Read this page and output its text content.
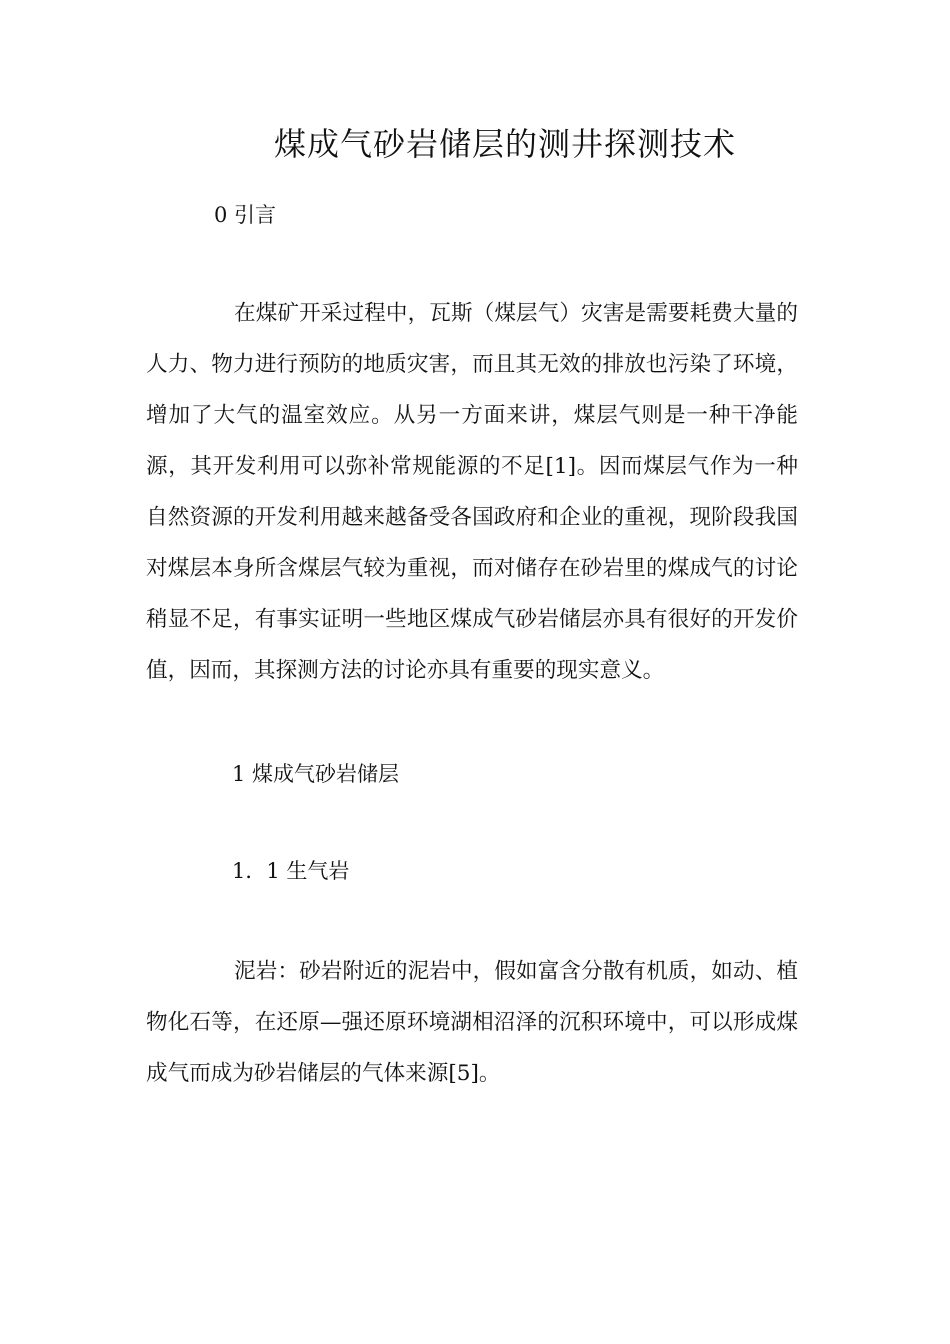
煤成气砂岩储层的测井探测技术
0 引言
在煤矿开采过程中，瓦斯（煤层气）灾害是需要耗费大量的人力、物力进行预防的地质灾害，而且其无效的排放也污染了环境，增加了大气的温室效应。从另一方面来讲，煤层气则是一种干净能源，其开发利用可以弥补常规能源的不足[1]。因而煤层气作为一种自然资源的开发利用越来越备受各国政府和企业的重视，现阶段我国对煤层本身所含煤层气较为重视，而对储存在砂岩里的煤成气的讨论稍显不足，有事实证明一些地区煤成气砂岩储层亦具有很好的开发价值，因而，其探测方法的讨论亦具有重要的现实意义。
1 煤成气砂岩储层
1．1 生气岩
泥岩：砂岩附近的泥岩中，假如富含分散有机质，如动、植物化石等，在还原—强还原环境湖相沼泽的沉积环境中，可以形成煤成气而成为砂岩储层的气体来源[5]。
